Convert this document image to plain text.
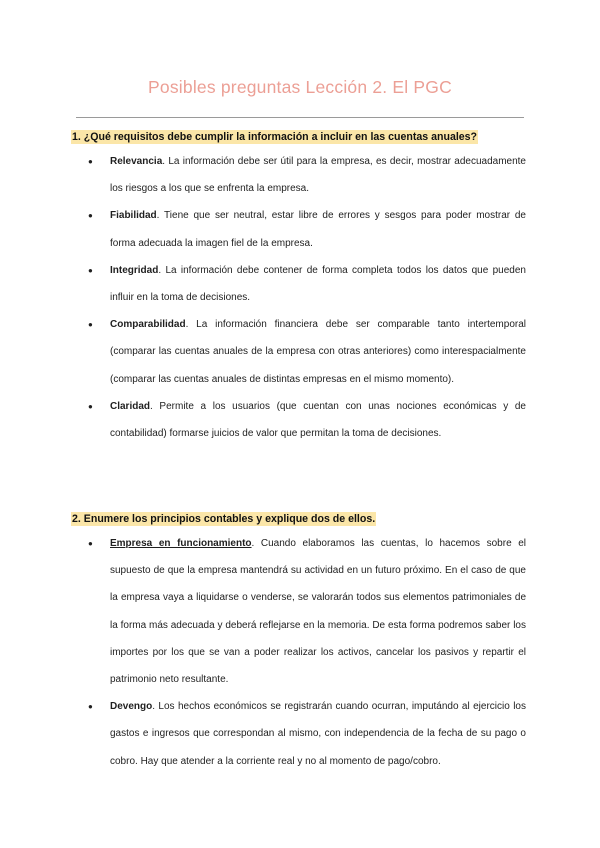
Posibles preguntas Lección 2. El PGC
1. ¿Qué requisitos debe cumplir la información a incluir en las cuentas anuales?
● Relevancia. La información debe ser útil para la empresa, es decir, mostrar adecuadamente los riesgos a los que se enfrenta la empresa.

● Fiabilidad. Tiene que ser neutral, estar libre de errores y sesgos para poder mostrar de forma adecuada la imagen fiel de la empresa.

● Integridad. La información debe contener de forma completa todos los datos que pueden influir en la toma de decisiones.

● Comparabilidad. La información financiera debe ser comparable tanto intertemporal (comparar las cuentas anuales de la empresa con otras anteriores) como interespacialmente (comparar las cuentas anuales de distintas empresas en el mismo momento).

● Claridad. Permite a los usuarios (que cuentan con unas nociones económicas y de contabilidad) formarse juicios de valor que permitan la toma de decisiones.

2. Enumere los principios contables y explique dos de ellos.
● Empresa en funcionamiento. Cuando elaboramos las cuentas, lo hacemos sobre el supuesto de que la empresa mantendrá su actividad en un futuro próximo. En el caso de que la empresa vaya a liquidarse o venderse, se valorarán todos sus elementos patrimoniales de la forma más adecuada y deberá reflejarse en la memoria. De esta forma podremos saber los importes por los que se van a poder realizar los activos, cancelar los pasivos y repartir el patrimonio neto resultante.

● Devengo. Los hechos económicos se registrarán cuando ocurran, imputándo al ejercicio los gastos e ingresos que correspondan al mismo, con independencia de la fecha de su pago o cobro. Hay que atender a la corriente real y no al momento de pago/cobro.
